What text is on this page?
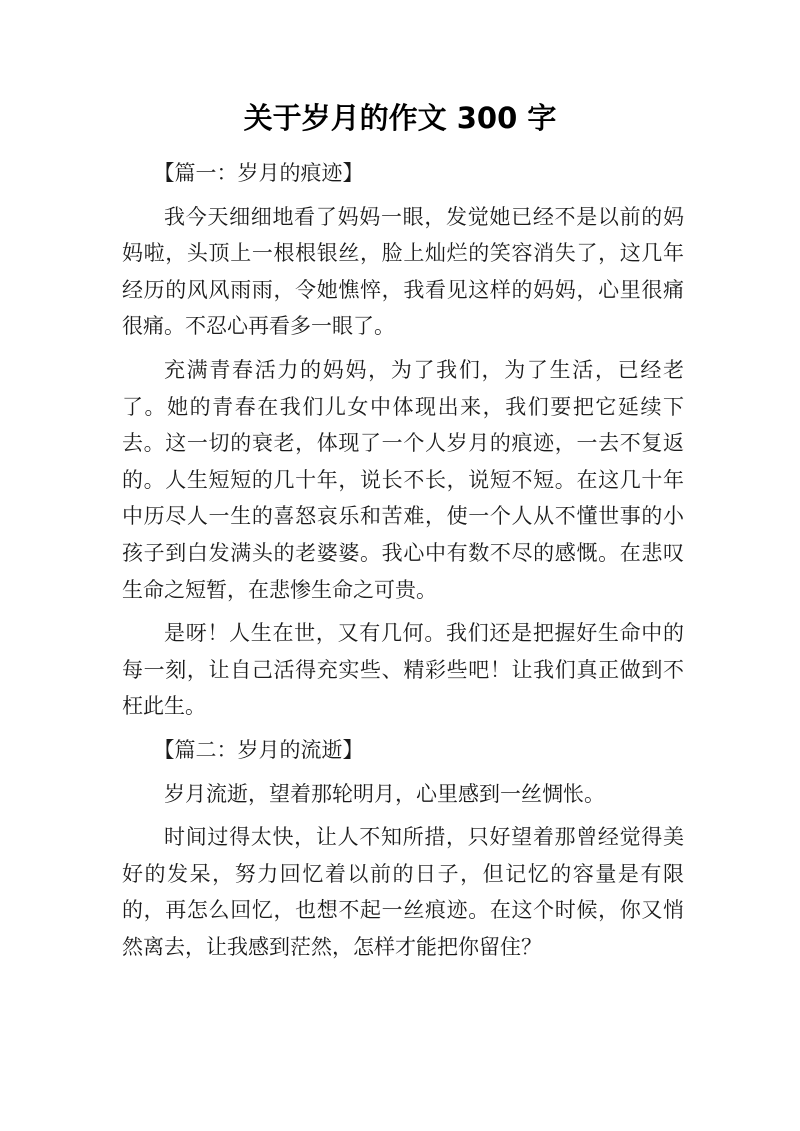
关于岁月的作文 300 字

【篇一：岁月的痕迹】

我今天细细地看了妈妈一眼，发觉她已经不是以前的妈妈啦，头顶上一根根银丝，脸上灿烂的笑容消失了，这几年经历的风风雨雨，令她憔悴，我看见这样的妈妈，心里很痛很痛。不忍心再看多一眼了。

充满青春活力的妈妈，为了我们，为了生活，已经老了。她的青春在我们儿女中体现出来，我们要把它延续下去。这一切的衰老，体现了一个人岁月的痕迹，一去不复返的。人生短短的几十年，说长不长，说短不短。在这几十年中历尽人一生的喜怒哀乐和苦难，使一个人从不懂世事的小孩子到白发满头的老婆婆。我心中有数不尽的感慨。在悲叹生命之短暂，在悲惨生命之可贵。

是呀！人生在世，又有几何。我们还是把握好生命中的每一刻，让自己活得充实些、精彩些吧！让我们真正做到不枉此生。

【篇二：岁月的流逝】

岁月流逝，望着那轮明月，心里感到一丝惆怅。

时间过得太快，让人不知所措，只好望着那曾经觉得美好的发呆，努力回忆着以前的日子，但记忆的容量是有限的，再怎么回忆，也想不起一丝痕迹。在这个时候，你又悄然离去，让我感到茫然，怎样才能把你留住？
